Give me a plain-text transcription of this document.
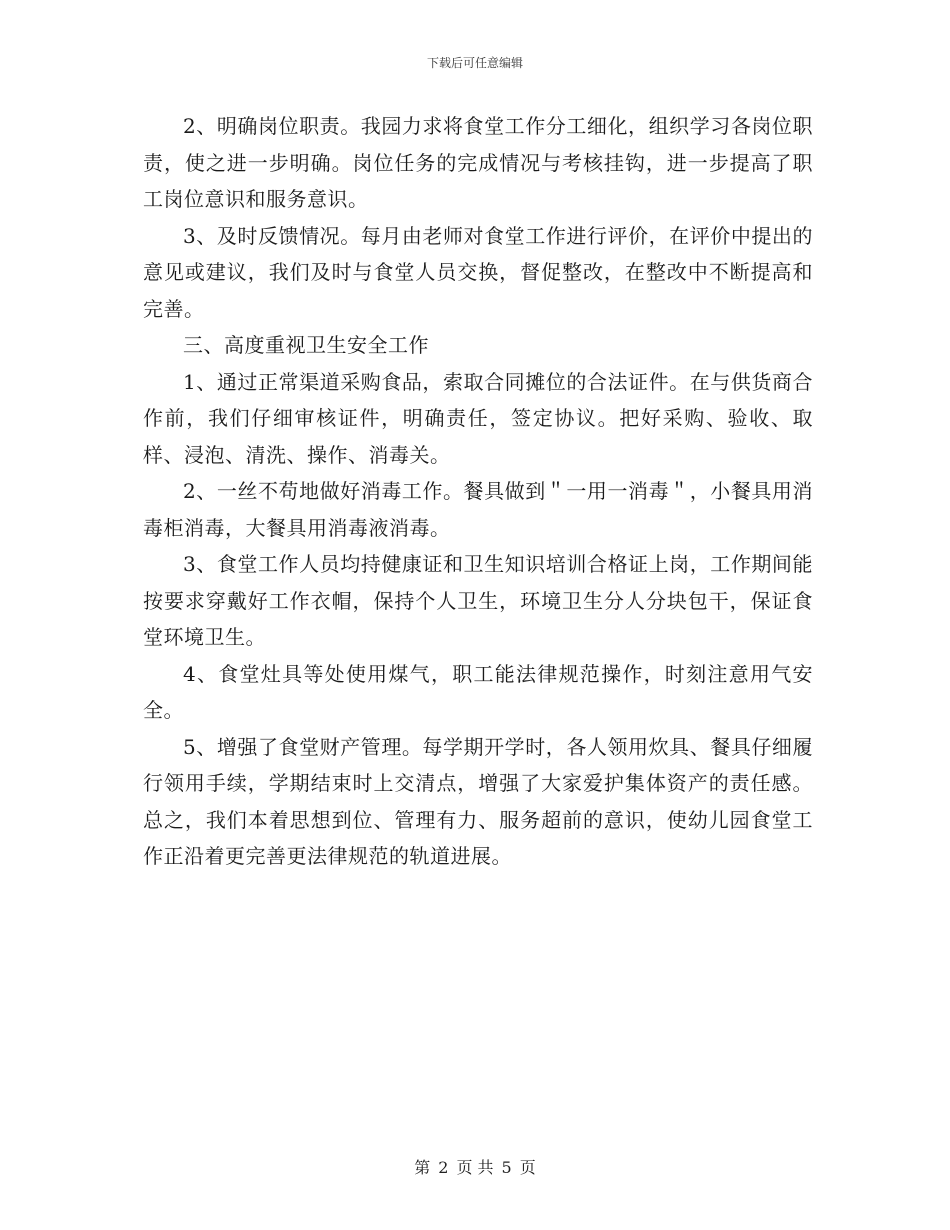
下载后可任意编辑

2、明确岗位职责。我园力求将食堂工作分工细化，组织学习各岗位职责，使之进一步明确。岗位任务的完成情况与考核挂钩，进一步提高了职工岗位意识和服务意识。

3、及时反馈情况。每月由老师对食堂工作进行评价，在评价中提出的意见或建议，我们及时与食堂人员交换，督促整改，在整改中不断提高和完善。

三、高度重视卫生安全工作

1、通过正常渠道采购食品，索取合同摊位的合法证件。在与供货商合作前，我们仔细审核证件，明确责任，签定协议。把好采购、验收、取样、浸泡、清洗、操作、消毒关。

2、一丝不苟地做好消毒工作。餐具做到＂一用一消毒＂，小餐具用消毒柜消毒，大餐具用消毒液消毒。

3、食堂工作人员均持健康证和卫生知识培训合格证上岗，工作期间能按要求穿戴好工作衣帽，保持个人卫生，环境卫生分人分块包干，保证食堂环境卫生。

4、食堂灶具等处使用煤气，职工能法律规范操作，时刻注意用气安全。

5、增强了食堂财产管理。每学期开学时，各人领用炊具、餐具仔细履行领用手续，学期结束时上交清点，增强了大家爱护集体资产的责任感。总之，我们本着思想到位、管理有力、服务超前的意识，使幼儿园食堂工作正沿着更完善更法律规范的轨道进展。

第 2 页 共 5 页
